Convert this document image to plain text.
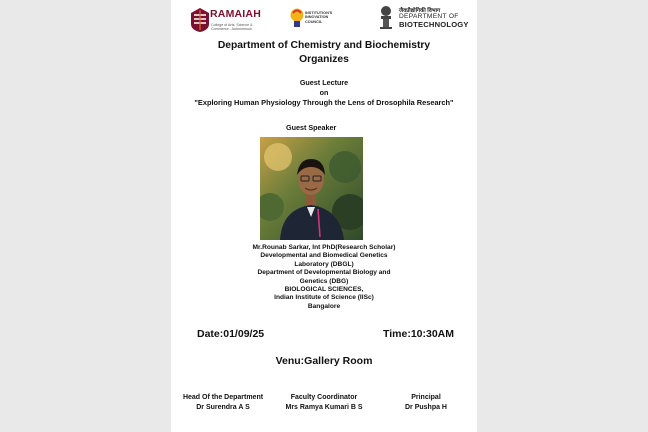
RAMAIAH
College of Arts, Science & Commerce - Autonomous
INSTITUTION'S INNOVATION COUNCIL
जैवप्रौद्योगिकी विभाग
DEPARTMENT OF
BIOTECHNOLOGY
Department of Chemistry and Biochemistry
Organizes
Guest Lecture
on
"Exploring Human Physiology Through the Lens of Drosophila Research"
Guest Speaker
Mr.Rounab Sarkar, Int PhD(Research Scholar)
Developmental and Biomedical Genetics
Laboratory (DBGL)
Department of Developmental Biology and
Genetics (DBG)
BIOLOGICAL SCIENCES,
Indian Institute of Science (IISc)
Bangalore
Date:01/09/25	Time:10:30AM
Venu:Gallery Room
Head Of the Department
Dr Surendra A S
Faculty Coordinator
Mrs Ramya Kumari B S
Principal
Dr Pushpa H
